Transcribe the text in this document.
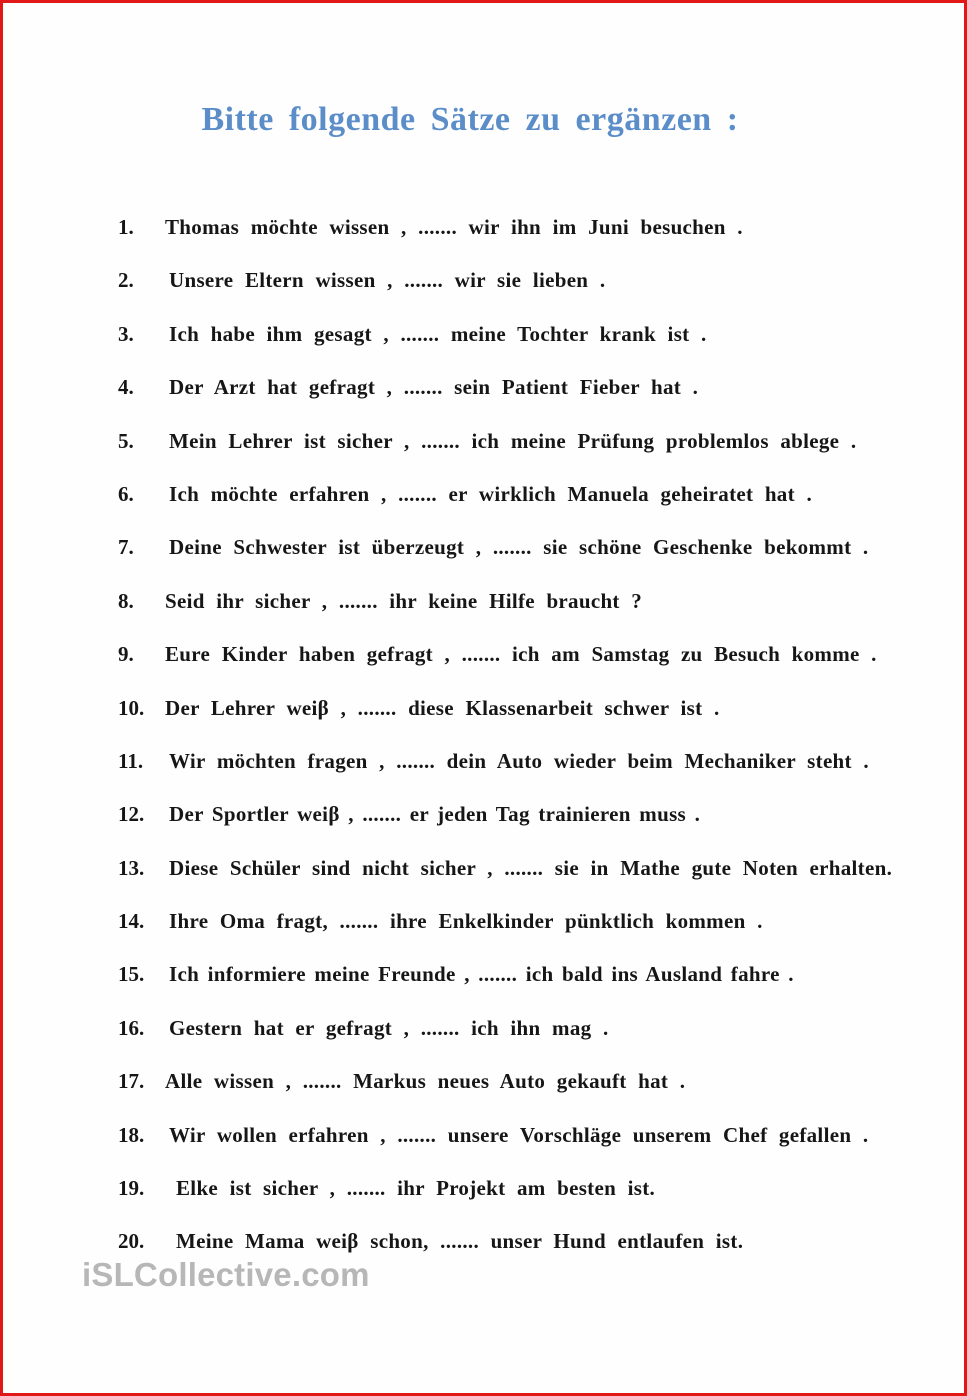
Bitte folgende Sätze zu ergänzen :
1. Thomas möchte wissen , ....... wir ihn im Juni besuchen .
2. Unsere Eltern wissen , ....... wir sie lieben .
3. Ich habe ihm gesagt , ....... meine Tochter krank ist .
4. Der Arzt hat gefragt , ....... sein Patient Fieber hat .
5. Mein Lehrer ist sicher , ....... ich meine Prüfung problemlos ablege .
6. Ich möchte erfahren , ....... er wirklich Manuela geheiratet hat .
7. Deine Schwester ist überzeugt , ....... sie schöne Geschenke bekommt .
8. Seid ihr sicher , ....... ihr keine Hilfe braucht ?
9. Eure Kinder haben gefragt , ....... ich am Samstag zu Besuch komme .
10. Der Lehrer weiβ , ....... diese Klassenarbeit schwer ist .
11. Wir möchten fragen , ....... dein Auto wieder beim Mechaniker steht .
12. Der Sportler weiβ , ....... er jeden Tag trainieren muss .
13. Diese Schüler sind nicht sicher , ....... sie in Mathe gute Noten erhalten.
14. Ihre Oma fragt, ....... ihre Enkelkinder pünktlich kommen .
15. Ich informiere meine Freunde , ....... ich bald ins Ausland fahre .
16. Gestern hat er gefragt , ....... ich ihn mag .
17. Alle wissen , ....... Markus neues Auto gekauft hat .
18. Wir wollen erfahren , ....... unsere Vorschläge unserem Chef gefallen .
19. Elke ist sicher , ....... ihr Projekt am besten ist.
20. Meine Mama weiβ schon, ....... unser Hund entlaufen ist.
iSLCollective.com
